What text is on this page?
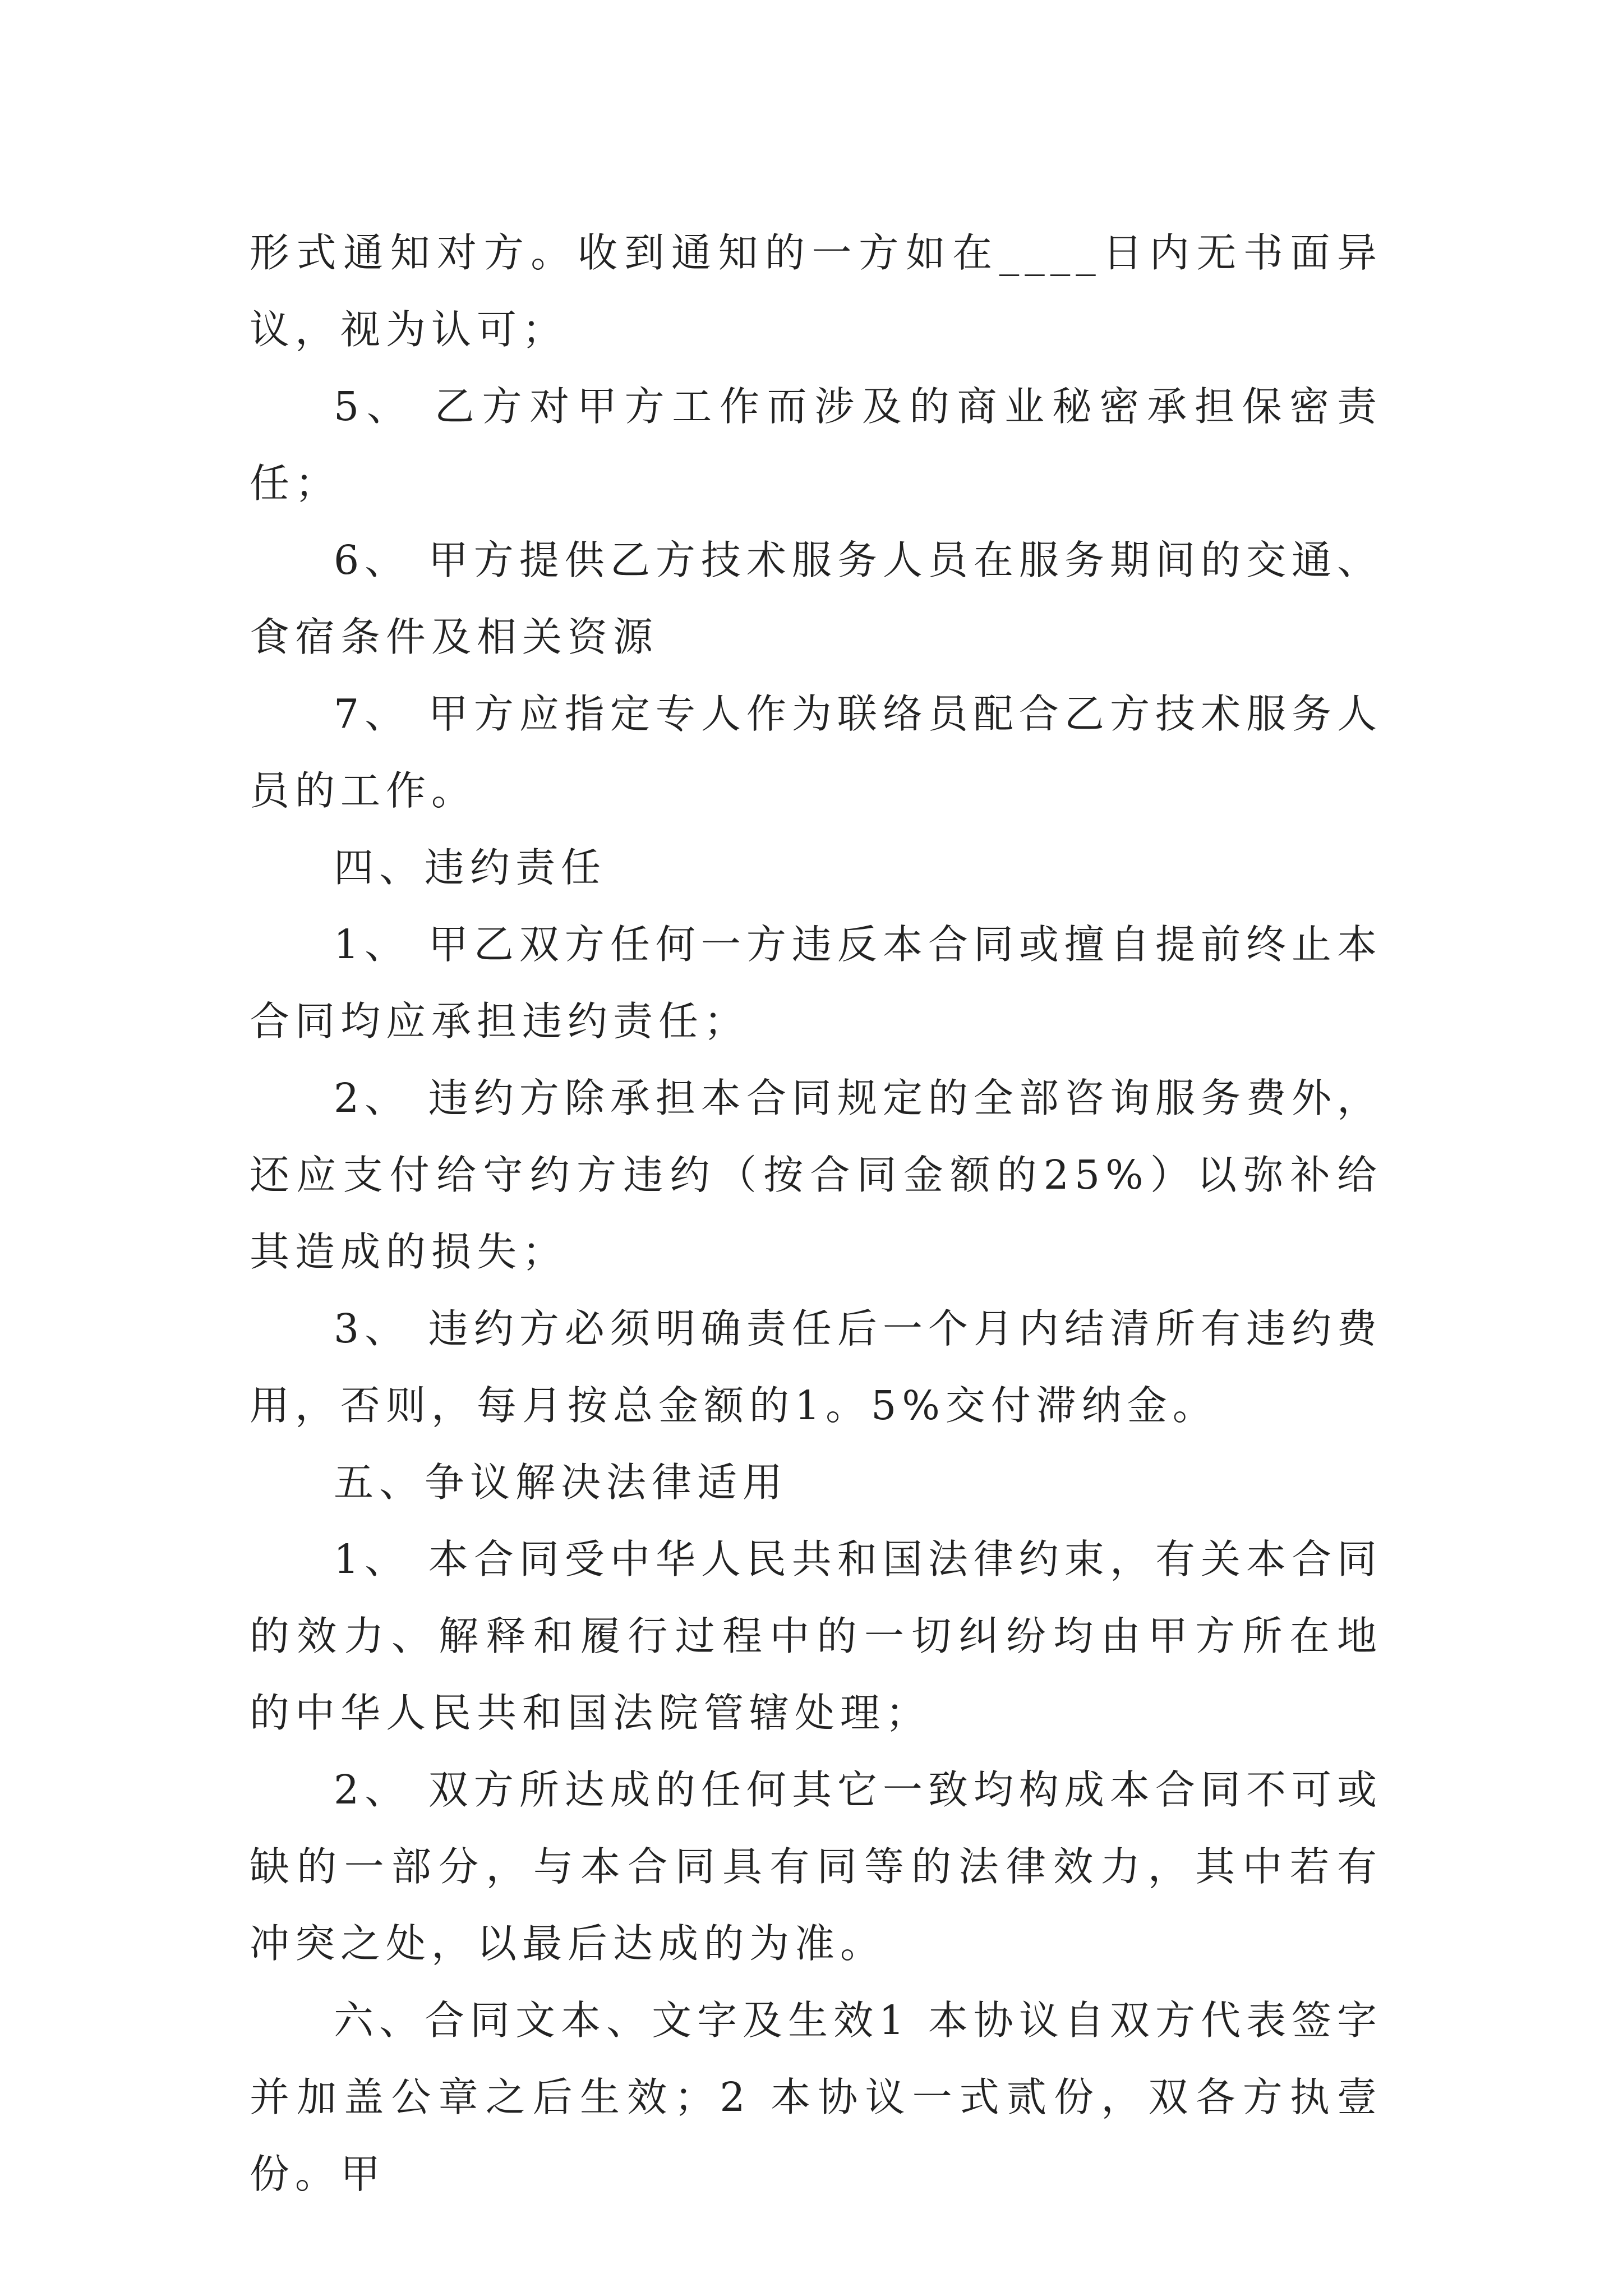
形式通知对方。收到通知的一方如在____日内无书面异议，视为认可；

5、 乙方对甲方工作而涉及的商业秘密承担保密责任；

6、 甲方提供乙方技术服务人员在服务期间的交通、食宿条件及相关资源

7、 甲方应指定专人作为联络员配合乙方技术服务人员的工作。

四、违约责任

1、 甲乙双方任何一方违反本合同或擅自提前终止本合同均应承担违约责任；

2、 违约方除承担本合同规定的全部咨询服务费外，还应支付给守约方违约（按合同金额的25%）以弥补给其造成的损失；

3、 违约方必须明确责任后一个月内结清所有违约费用，否则，每月按总金额的1。5%交付滞纳金。

五、争议解决法律适用

1、 本合同受中华人民共和国法律约束，有关本合同的效力、解释和履行过程中的一切纠纷均由甲方所在地的中华人民共和国法院管辖处理；

2、 双方所达成的任何其它一致均构成本合同不可或缺的一部分，与本合同具有同等的法律效力，其中若有冲突之处，以最后达成的为准。

六、合同文本、文字及生效1 本协议自双方代表签字并加盖公章之后生效；2 本协议一式贰份，双各方执壹份。甲
